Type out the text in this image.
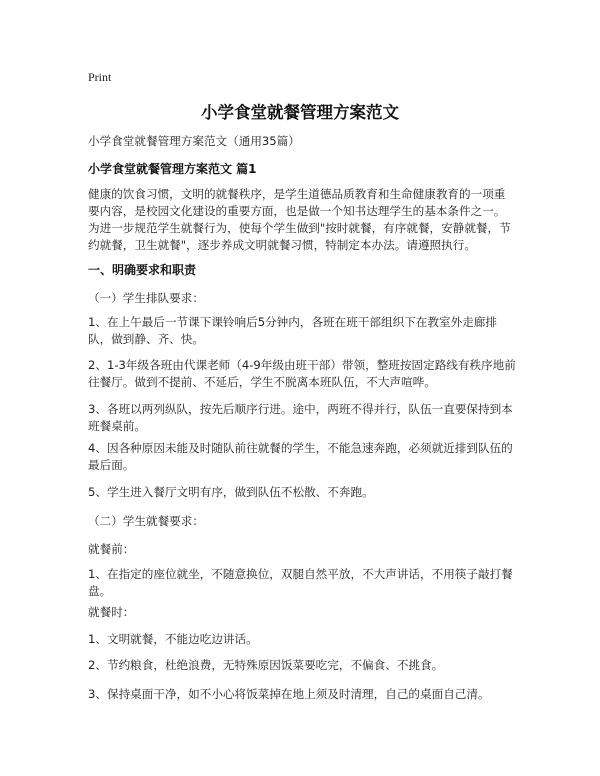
Print
小学食堂就餐管理方案范文

小学食堂就餐管理方案范文（通用35篇）

小学食堂就餐管理方案范文 篇1

健康的饮食习惯，文明的就餐秩序，是学生道德品质教育和生命健康教育的一项重要内容，是校园文化建设的重要方面，也是做一个知书达理学生的基本条件之一。为进一步规范学生就餐行为，使每个学生做到"按时就餐，有序就餐，安静就餐，节约就餐，卫生就餐"，逐步养成文明就餐习惯，特制定本办法。请遵照执行。

一、明确要求和职责

（一）学生排队要求：

1、在上午最后一节课下课铃响后5分钟内，各班在班干部组织下在教室外走廊排队，做到静、齐、快。

2、1-3年级各班由代课老师（4-9年级由班干部）带领，整班按固定路线有秩序地前往餐厅。做到不提前、不延后，学生不脱离本班队伍，不大声喧哗。

3、各班以两列纵队，按先后顺序行进。途中，两班不得并行，队伍一直要保持到本班餐桌前。

4、因各种原因未能及时随队前往就餐的学生，不能急速奔跑，必须就近排到队伍的最后面。

5、学生进入餐厅文明有序，做到队伍不松散、不奔跑。

（二）学生就餐要求：

就餐前：

1、在指定的座位就坐，不随意换位，双腿自然平放，不大声讲话，不用筷子敲打餐盘。

就餐时：

1、文明就餐，不能边吃边讲话。

2、节约粮食，杜绝浪费，无特殊原因饭菜要吃完，不偏食、不挑食。

3、保持桌面干净，如不小心将饭菜掉在地上须及时清理，自己的桌面自己清。
